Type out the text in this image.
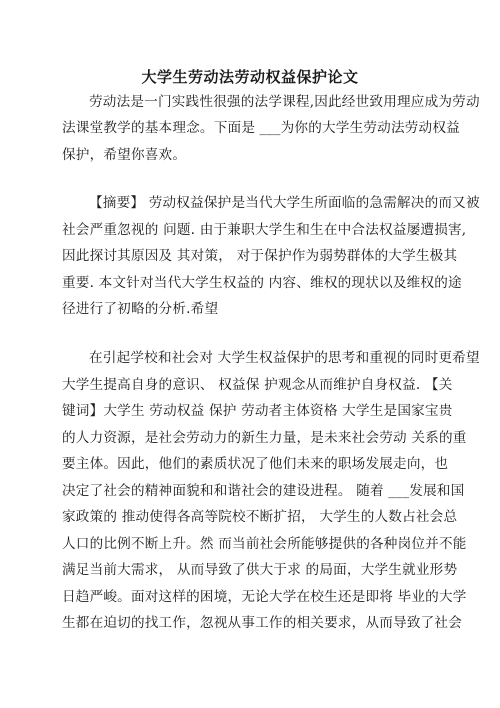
大学生劳动法劳动权益保护论文
劳动法是一门实践性很强的法学课程,因此经世致用理应成为劳动
法课堂教学的基本理念。下面是 ___为你的大学生劳动法劳动权益
保护，希望你喜欢。
【摘要】 劳动权益保护是当代大学生所面临的急需解决的而又被
社会严重忽视的 问题. 由于兼职大学生和生在中合法权益屡遭损害,
因此探讨其原因及 其对策， 对于保护作为弱势群体的大学生极其
重要. 本文针对当代大学生权益的 内容、维权的现状以及维权的途
径进行了初略的分析.希望
在引起学校和社会对 大学生权益保护的思考和重视的同时更希望
大学生提高自身的意识、 权益保 护观念从而维护自身权益. 【关
键词】大学生 劳动权益 保护 劳动者主体资格 大学生是国家宝贵
的人力资源，是社会劳动力的新生力量，是未来社会劳动 关系的重
要主体。因此，他们的素质状况了他们未来的职场发展走向，也
决定了社会的精神面貌和和谐社会的建设进程。 随着 ___发展和国
家政策的 推动使得各高等院校不断扩招， 大学生的人数占社会总
人口的比例不断上升。然 而当前社会所能够提供的各种岗位并不能
满足当前大需求， 从而导致了供大于求 的局面，大学生就业形势
日趋严峻。面对这样的困境，无论大学在校生还是即将 毕业的大学
生都在迫切的找工作，忽视从事工作的相关要求，从而导致了社会
